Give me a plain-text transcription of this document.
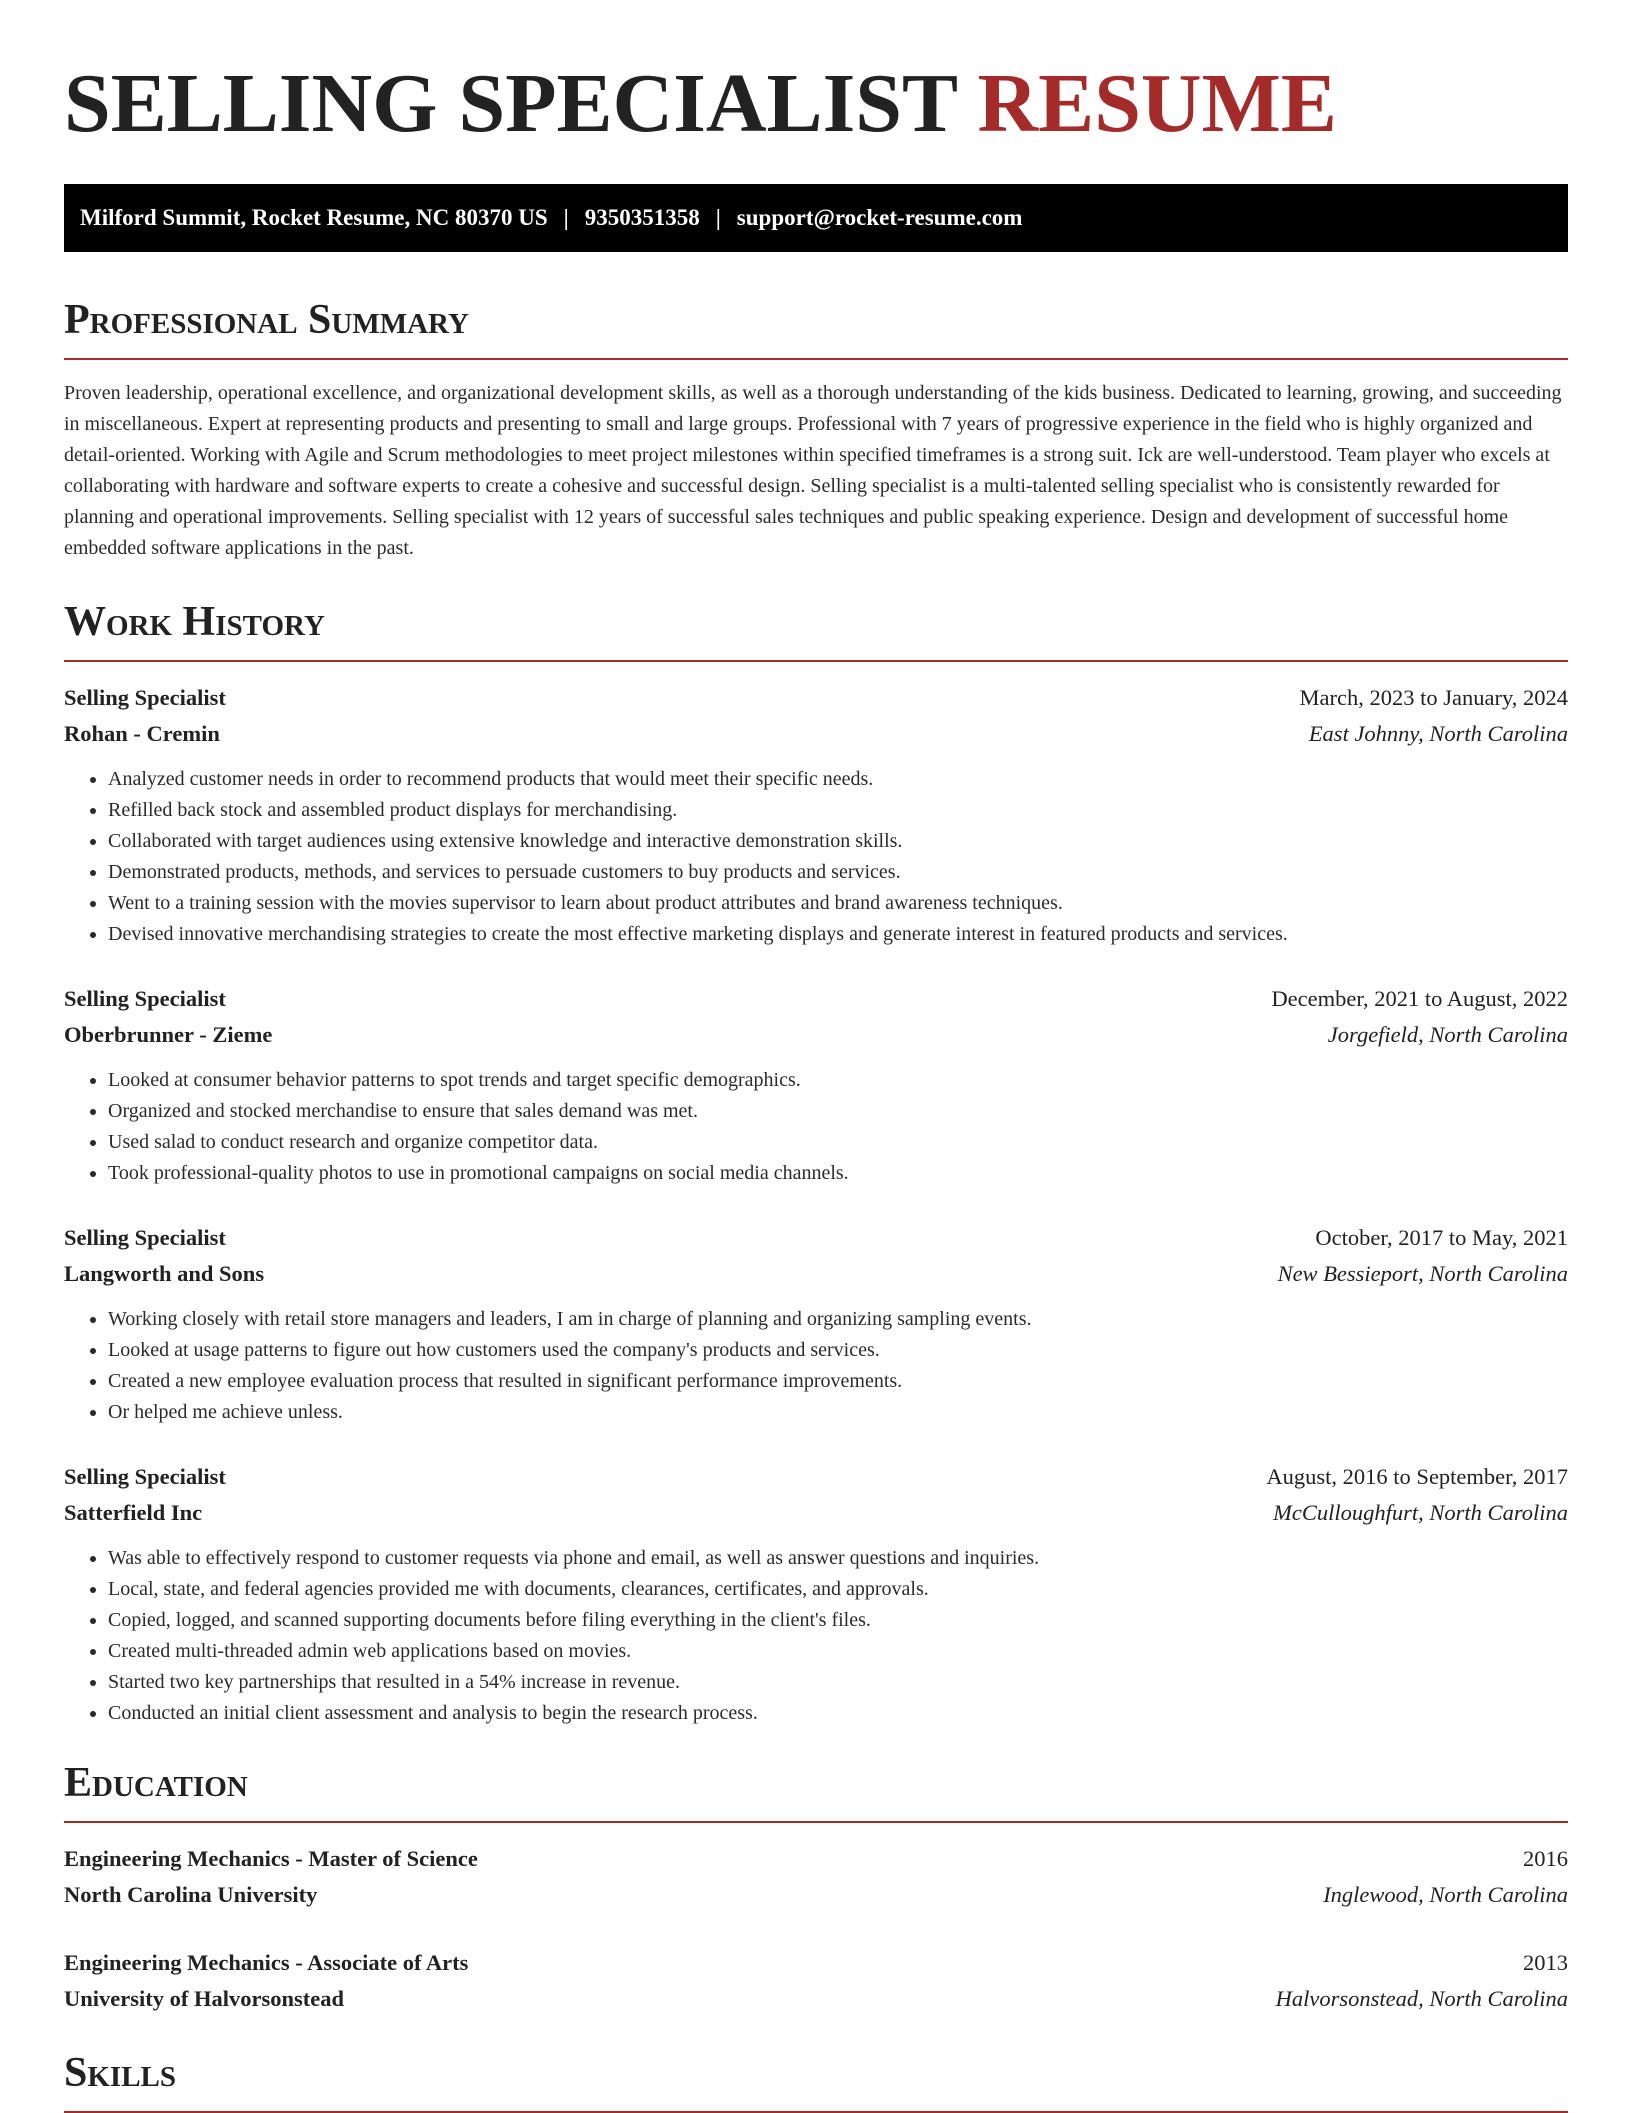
SELLING SPECIALIST RESUME
Milford Summit, Rocket Resume, NC 80370 US | 9350351358 | support@rocket-resume.com
Professional Summary

Proven leadership, operational excellence, and organizational development skills, as well as a thorough understanding of the kids business. Dedicated to learning, growing, and succeeding in miscellaneous. Expert at representing products and presenting to small and large groups. Professional with 7 years of progressive experience in the field who is highly organized and detail-oriented. Working with Agile and Scrum methodologies to meet project milestones within specified timeframes is a strong suit. Ick are well-understood. Team player who excels at collaborating with hardware and software experts to create a cohesive and successful design. Selling specialist is a multi-talented selling specialist who is consistently rewarded for planning and operational improvements. Selling specialist with 12 years of successful sales techniques and public speaking experience. Design and development of successful home embedded software applications in the past.

Work History
Selling Specialist	March, 2023 to January, 2024
Rohan - Cremin	East Johnny, North Carolina
• Analyzed customer needs in order to recommend products that would meet their specific needs.
• Refilled back stock and assembled product displays for merchandising.
• Collaborated with target audiences using extensive knowledge and interactive demonstration skills.
• Demonstrated products, methods, and services to persuade customers to buy products and services.
• Went to a training session with the movies supervisor to learn about product attributes and brand awareness techniques.
• Devised innovative merchandising strategies to create the most effective marketing displays and generate interest in featured products and services.
Selling Specialist	December, 2021 to August, 2022
Oberbrunner - Zieme	Jorgefield, North Carolina
• Looked at consumer behavior patterns to spot trends and target specific demographics.
• Organized and stocked merchandise to ensure that sales demand was met.
• Used salad to conduct research and organize competitor data.
• Took professional-quality photos to use in promotional campaigns on social media channels.
Selling Specialist	October, 2017 to May, 2021
Langworth and Sons	New Bessieport, North Carolina
• Working closely with retail store managers and leaders, I am in charge of planning and organizing sampling events.
• Looked at usage patterns to figure out how customers used the company's products and services.
• Created a new employee evaluation process that resulted in significant performance improvements.
• Or helped me achieve unless.
Selling Specialist	August, 2016 to September, 2017
Satterfield Inc	McCulloughfurt, North Carolina
• Was able to effectively respond to customer requests via phone and email, as well as answer questions and inquiries.
• Local, state, and federal agencies provided me with documents, clearances, certificates, and approvals.
• Copied, logged, and scanned supporting documents before filing everything in the client's files.
• Created multi-threaded admin web applications based on movies.
• Started two key partnerships that resulted in a 54% increase in revenue.
• Conducted an initial client assessment and analysis to begin the research process.
Education
Engineering Mechanics - Master of Science	2016
North Carolina University	Inglewood, North Carolina
Engineering Mechanics - Associate of Arts	2013
University of Halvorsonstead	Halvorsonstead, North Carolina
Skills
